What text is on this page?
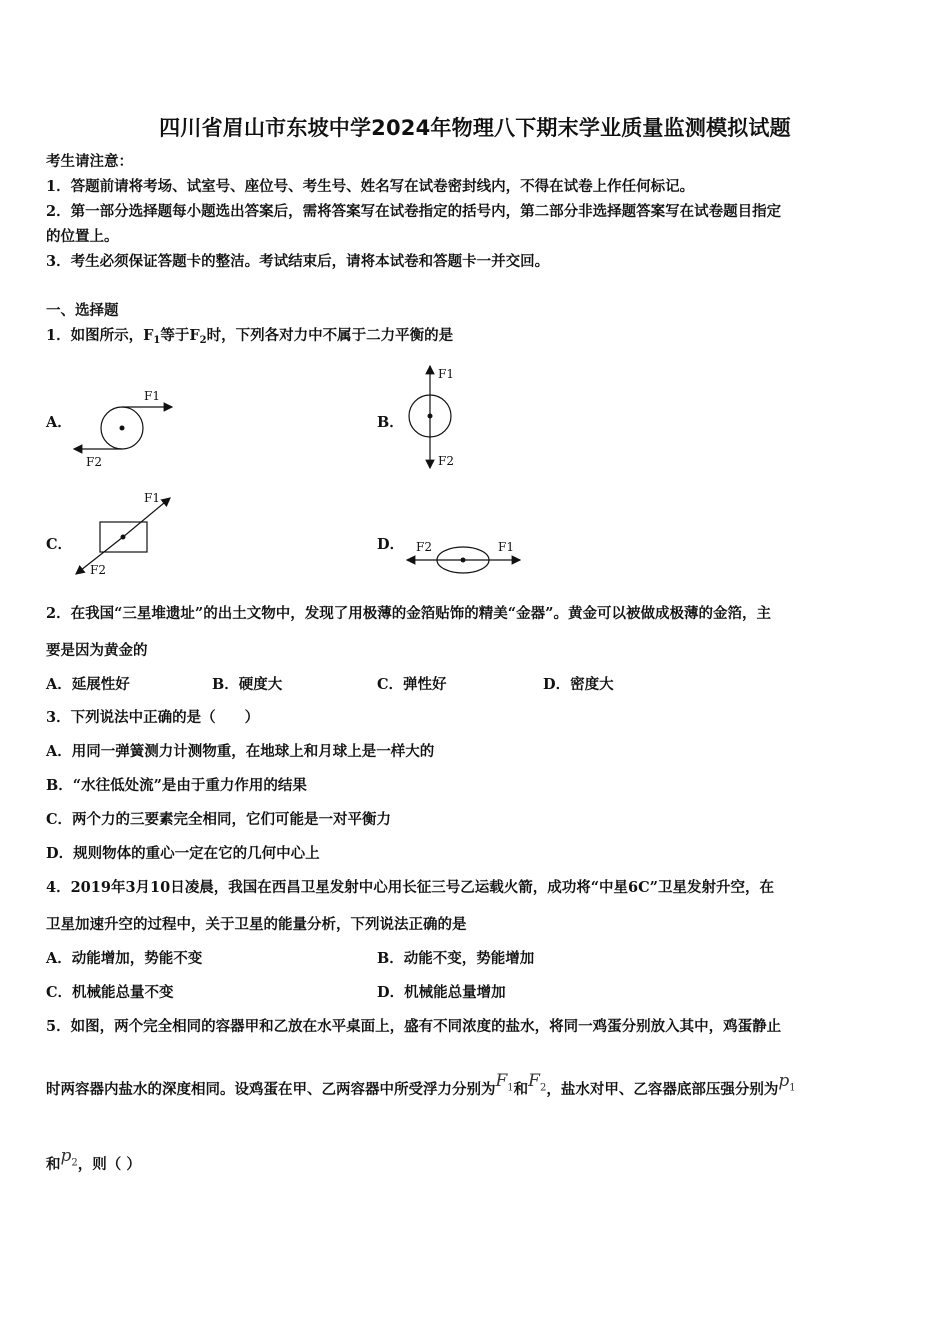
四川省眉山市东坡中学2024年物理八下期末学业质量监测模拟试题
考生请注意：
1．答题前请将考场、试室号、座位号、考生号、姓名写在试卷密封线内，不得在试卷上作任何标记。
2．第一部分选择题每小题选出答案后，需将答案写在试卷指定的括号内，第二部分非选择题答案写在试卷题目指定
的位置上。
3．考生必须保证答题卡的整洁。考试结束后，请将本试卷和答题卡一并交回。
一、选择题
1．如图所示，$F_1$等于$F_2$时，下列各对力中不属于二力平衡的是
A．	B．
C．	D．
F1
F2
F1
F2
F1
F2
F2	F1
2．在我国“三星堆遗址”的出土文物中，发现了用极薄的金箔贴饰的精美“金器”。黄金可以被做成极薄的金箔，主
要是因为黄金的
A．延展性好	B．硬度大	C．弹性好	D．密度大
3．下列说法中正确的是（　　）
A．用同一弹簧测力计测物重，在地球上和月球上是一样大的
B．“水往低处流”是由于重力作用的结果
C．两个力的三要素完全相同，它们可能是一对平衡力
D．规则物体的重心一定在它的几何中心上
4．2019年3月10日凌晨，我国在西昌卫星发射中心用长征三号乙运载火箭，成功将“中星6C”卫星发射升空，在
卫星加速升空的过程中，关于卫星的能量分析，下列说法正确的是
A．动能增加，势能不变	B．动能不变，势能增加
C．机械能总量不变	D．机械能总量增加
5．如图，两个完全相同的容器甲和乙放在水平桌面上，盛有不同浓度的盐水，将同一鸡蛋分别放入其中，鸡蛋静止
时两容器内盐水的深度相同。设鸡蛋在甲、乙两容器中所受浮力分别为$F_1$和$F_2$，盐水对甲、乙容器底部压强分别为$p_1$
和$p_2$，则（ ）
